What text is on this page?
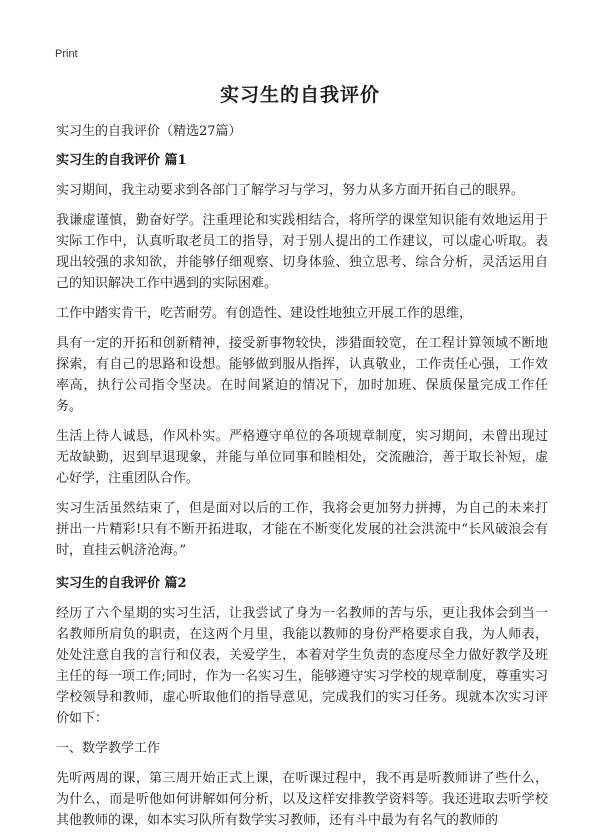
Print
实习生的自我评价
实习生的自我评价（精选27篇）
实习生的自我评价 篇1

实习期间，我主动要求到各部门了解学习与学习，努力从多方面开拓自己的眼界。

我谦虚谨慎，勤奋好学。注重理论和实践相结合，将所学的课堂知识能有效地运用于实际工作中，认真听取老员工的指导，对于别人提出的工作建议，可以虚心听取。表现出较强的求知欲，并能够仔细观察、切身体验、独立思考、综合分析，灵活运用自己的知识解决工作中遇到的实际困难。

工作中踏实肯干，吃苦耐劳。有创造性、建设性地独立开展工作的思维，

具有一定的开拓和创新精神，接受新事物较快，涉猎面较宽，在工程计算领域不断地探索，有自己的思路和设想。能够做到服从指挥，认真敬业，工作责任心强，工作效率高，执行公司指令坚决。在时间紧迫的情况下，加时加班、保质保量完成工作任务。

生活上待人诚恳，作风朴实。严格遵守单位的各项规章制度，实习期间，未曾出现过无故缺勤，迟到早退现象，并能与单位同事和睦相处，交流融洽，善于取长补短，虚心好学，注重团队合作。

实习生活虽然结束了，但是面对以后的工作，我将会更加努力拼搏，为自己的未来打拼出一片精彩!只有不断开拓进取，才能在不断变化发展的社会洪流中“长风破浪会有时，直挂云帆济沧海。”

实习生的自我评价 篇2

经历了六个星期的实习生活，让我尝试了身为一名教师的苦与乐，更让我体会到当一名教师所肩负的职责，在这两个月里，我能以教师的身份严格要求自我，为人师表，处处注意自我的言行和仪表，关爱学生，本着对学生负责的态度尽全力做好教学及班主任的每一项工作;同时，作为一名实习生，能够遵守实习学校的规章制度，尊重实习学校领导和教师，虚心听取他们的指导意见，完成我们的实习任务。现就本次实习评价如下：

一、数学教学工作

先听两周的课，第三周开始正式上课，在听课过程中，我不再是听教师讲了些什么，为什么，而是听他如何讲解如何分析，以及这样安排教学资料等。我还进取去听学校其他教师的课，如本实习队所有数学实习教师，还有斗中最为有名气的教师的
